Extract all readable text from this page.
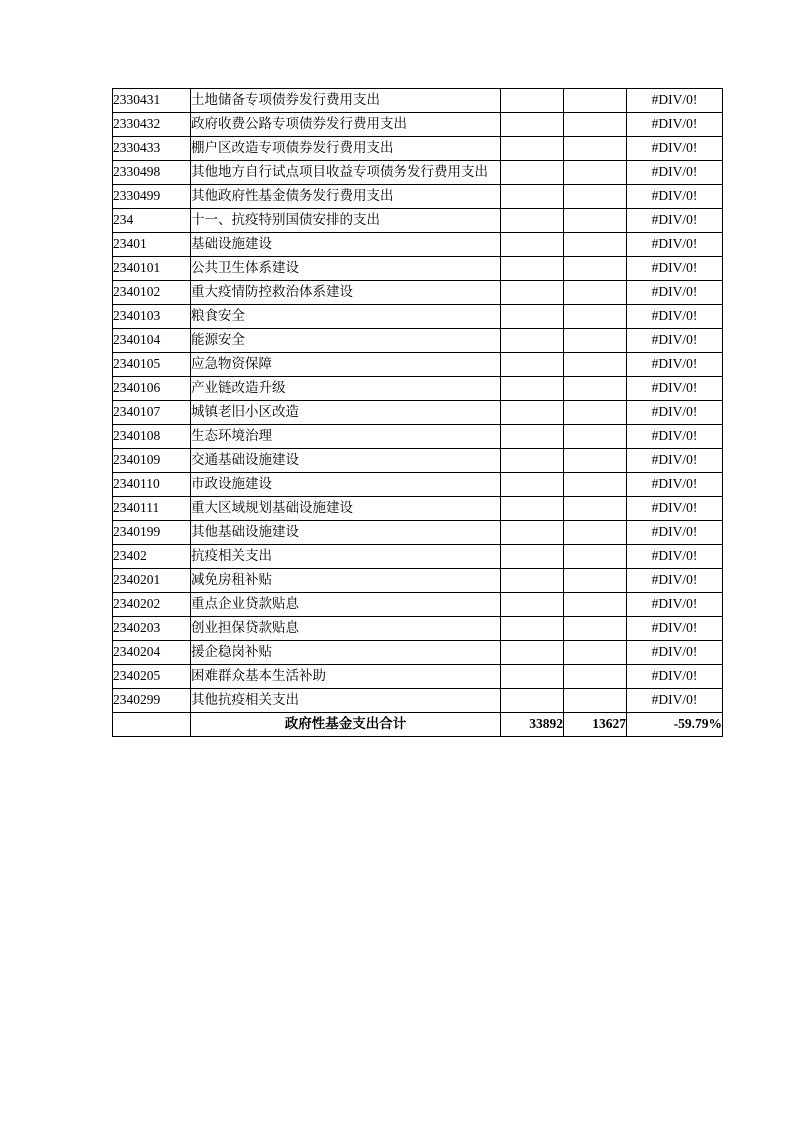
2330431	土地储备专项债券发行费用支出			#DIV/0!
2330432	政府收费公路专项债券发行费用支出			#DIV/0!
2330433	棚户区改造专项债券发行费用支出			#DIV/0!
2330498	其他地方自行试点项目收益专项债务发行费用支出			#DIV/0!
2330499	其他政府性基金债务发行费用支出			#DIV/0!
234	十一、抗疫特别国债安排的支出			#DIV/0!
23401	基础设施建设			#DIV/0!
2340101	公共卫生体系建设			#DIV/0!
2340102	重大疫情防控救治体系建设			#DIV/0!
2340103	粮食安全			#DIV/0!
2340104	能源安全			#DIV/0!
2340105	应急物资保障			#DIV/0!
2340106	产业链改造升级			#DIV/0!
2340107	城镇老旧小区改造			#DIV/0!
2340108	生态环境治理			#DIV/0!
2340109	交通基础设施建设			#DIV/0!
2340110	市政设施建设			#DIV/0!
2340111	重大区域规划基础设施建设			#DIV/0!
2340199	其他基础设施建设			#DIV/0!
23402	抗疫相关支出			#DIV/0!
2340201	减免房租补贴			#DIV/0!
2340202	重点企业贷款贴息			#DIV/0!
2340203	创业担保贷款贴息			#DIV/0!
2340204	援企稳岗补贴			#DIV/0!
2340205	困难群众基本生活补助			#DIV/0!
2340299	其他抗疫相关支出			#DIV/0!
	政府性基金支出合计	33892	13627	-59.79%
